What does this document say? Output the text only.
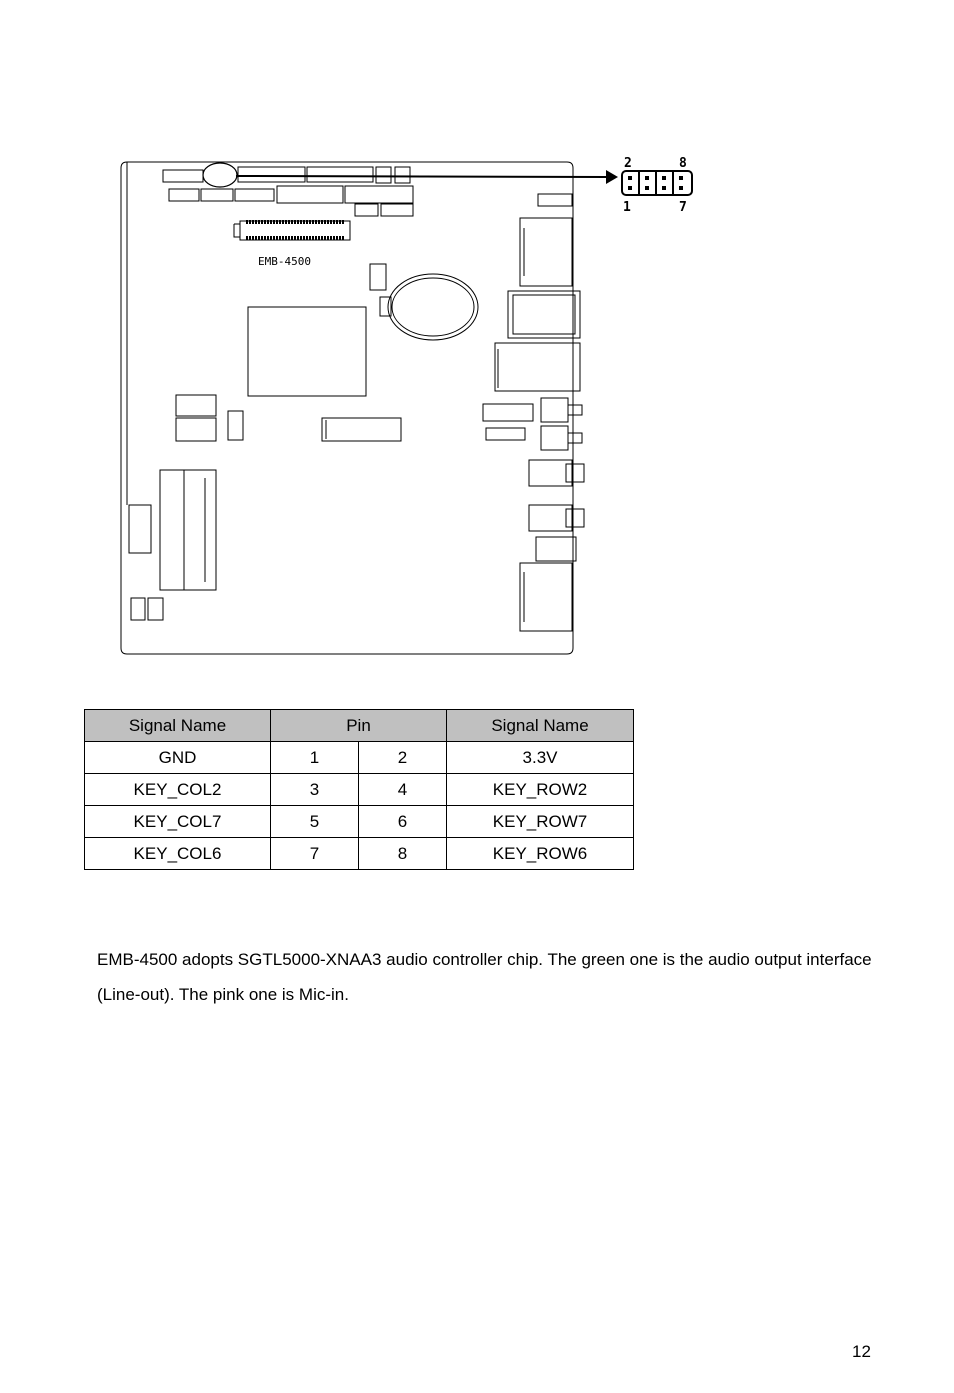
EMB-4500
2	8
1	7
Signal Name	Pin		Signal Name
GND	1	2	3.3V
KEY_COL2	3	4	KEY_ROW2
KEY_COL7	5	6	KEY_ROW7
KEY_COL6	7	8	KEY_ROW6

EMB-4500 adopts SGTL5000-XNAA3 audio controller chip. The green one is the audio output interface (Line-out). The pink one is Mic-in.

12
